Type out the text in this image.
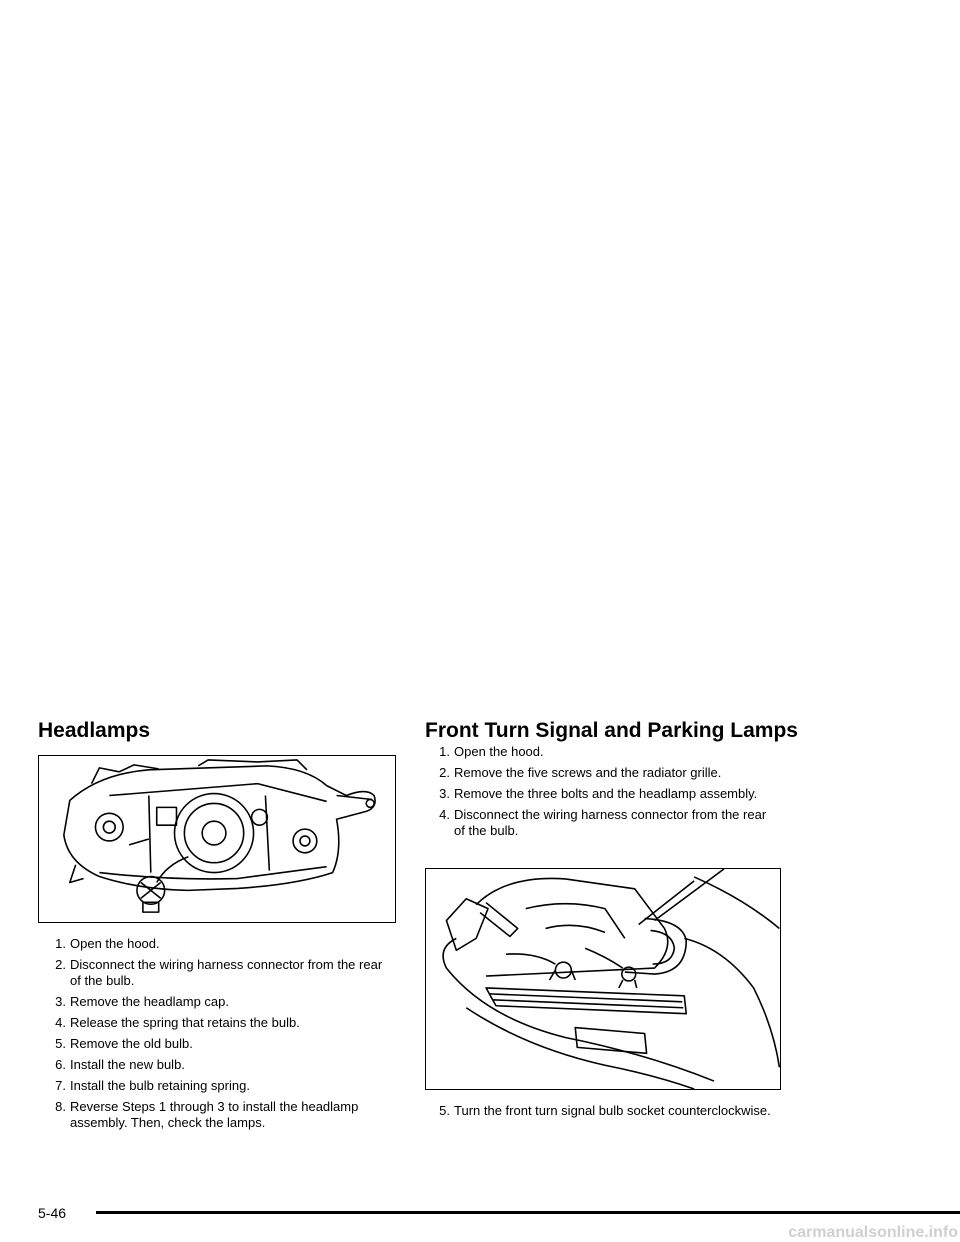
Headlamps	Front Turn Signal and Parking Lamps
1. Open the hood.
2. Disconnect the wiring harness connector from the rear of the bulb.
3. Remove the headlamp cap.
4. Release the spring that retains the bulb.
5. Remove the old bulb.
6. Install the new bulb.
7. Install the bulb retaining spring.
8. Reverse Steps 1 through 3 to install the headlamp assembly. Then, check the lamps.
1. Open the hood.
2. Remove the five screws and the radiator grille.
3. Remove the three bolts and the headlamp assembly.
4. Disconnect the wiring harness connector from the rear of the bulb.
5. Turn the front turn signal bulb socket counterclockwise.
5-46
carmanualsonline.info
